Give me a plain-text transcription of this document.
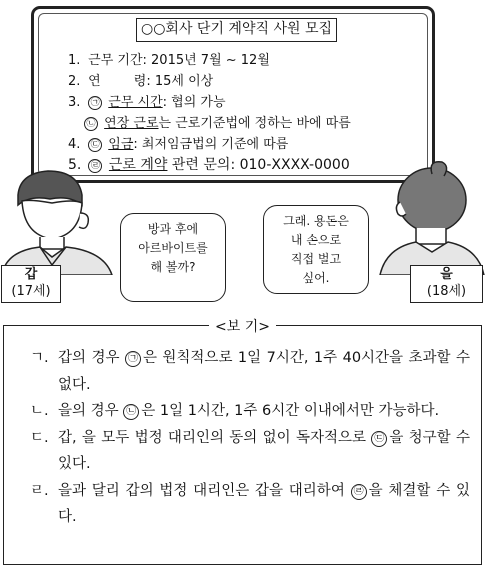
○○회사 단기 계약직 사원 모집
1. 근무 기간: 2015년 7월 ~ 12월
2. 연        령: 15세 이상
3. ㉠ 근무 시간: 협의 가능
㉡ 연장 근로는 근로기준법에 정하는 바에 따름
4. ㉢ 임금: 최저임금법의 기준에 따름
5. ㉣ 근로 계약 관련 문의: 010-XXXX-0000
방과 후에
아르바이트를
해 볼까?
그래. 용돈은
내 손으로
직접 벌고
싶어.
갑
(17세)
을
(18세)
<보 기>
ㄱ. 갑의 경우 ㉠ 은 원칙적으로 1일 7시간, 1주 40시간을 초과할 수 없다.
ㄴ. 을의 경우 ㉡ 은 1일 1시간, 1주 6시간 이내에서만 가능하다.
ㄷ. 갑, 을 모두 법정 대리인의 동의 없이 독자적으로 ㉢ 을 청구할 수 있다.
ㄹ. 을과 달리 갑의 법정 대리인은 갑을 대리하여 ㉣ 을 체결할 수 있다.
